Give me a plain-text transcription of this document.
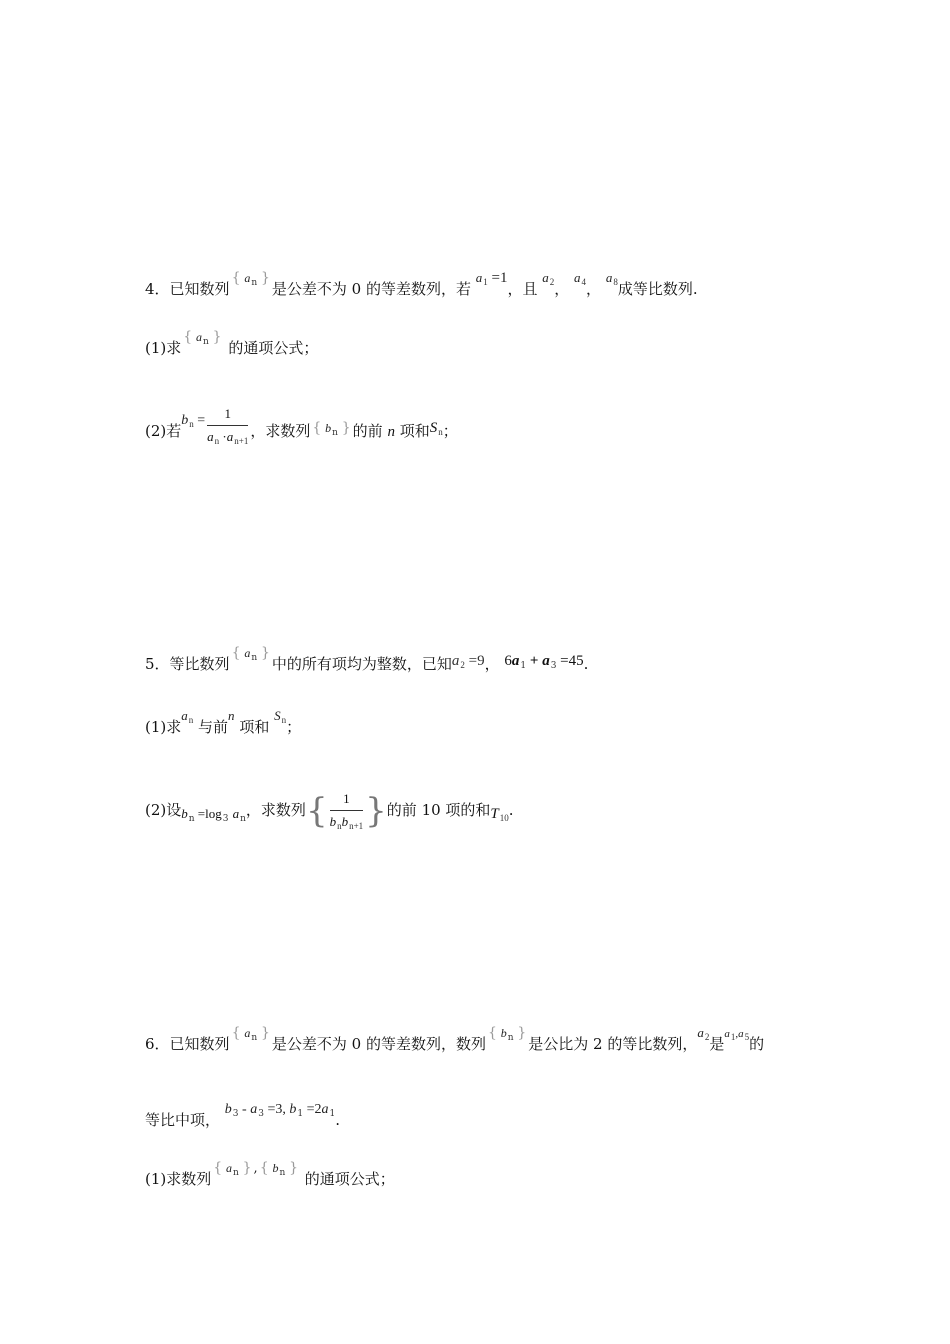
4．已知数列{ $a_n$ }是公差不为 0 的等差数列，若 $a_1 =1$，且 $a_2$， $a_4$， $a_8$成等比数列.
(1)求{ $a_n$ } 的通项公式；
(2)若$b_n = \frac{1}{a_n \cdot a_{n+1}}$ ，求数列 { $b_n$ } 的前 n 项和$S_n$；
5．等比数列{ $a_n$ }中的所有项均为整数，已知$a_2 =9$， $6a_1 + a_3 =45$.
(1)求$a_n$ 与前n 项和 $S_n$；
(2)设$b_n =\log_3$ $a_n$，求数列{ $\frac{1}{b_nb_{n+1}}$ }的前 10 项的和$T_{10}$.
6．已知数列{ $a_n$ }是公差不为 0 的等差数列，数列{ $b_n$ }是公比为 2 的等比数列，$a_2$是$^{a_1,a_5}$的
等比中项， $b_3 - a_3 =3$, $b_1 =2a_1$.
(1)求数列{ $a_n$ } , { $b_n$ } 的通项公式；
